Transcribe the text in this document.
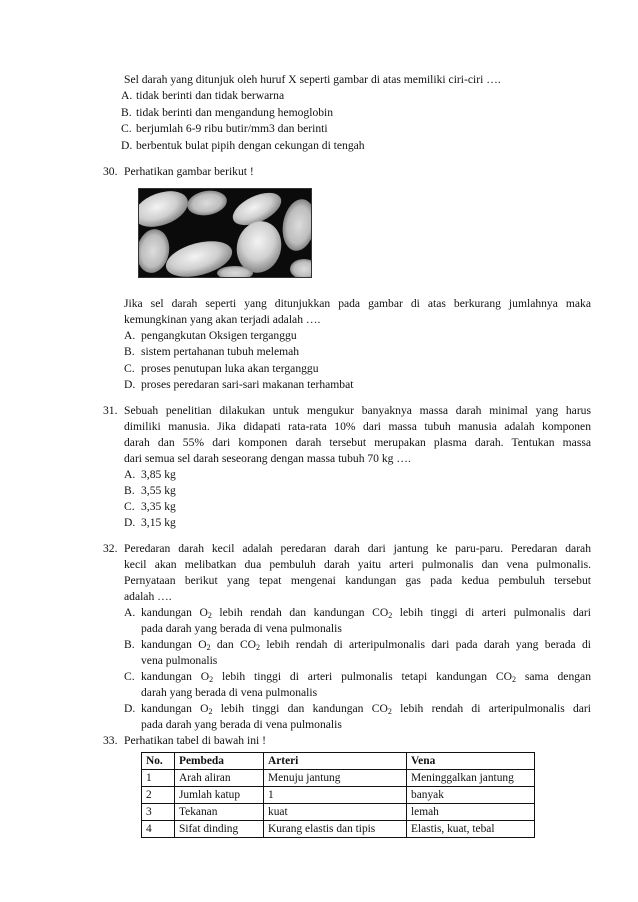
Sel darah yang ditunjuk oleh huruf X seperti gambar di atas memiliki ciri-ciri ….
A. tidak berinti dan tidak berwarna
B. tidak berinti dan mengandung hemoglobin
C. berjumlah 6-9 ribu butir/mm3 dan berinti
D. berbentuk bulat pipih dengan cekungan di tengah
30. Perhatikan gambar berikut !
Jika sel darah seperti yang ditunjukkan pada gambar di atas berkurang jumlahnya maka
kemungkinan yang akan terjadi adalah ….
A. pengangkutan Oksigen terganggu
B. sistem pertahanan tubuh melemah
C. proses penutupan luka akan terganggu
D. proses peredaran sari-sari makanan terhambat
31. Sebuah penelitian dilakukan untuk mengukur banyaknya massa darah minimal yang harus
dimiliki manusia. Jika didapati rata-rata 10% dari massa tubuh manusia adalah komponen
darah dan 55% dari komponen darah tersebut merupakan plasma darah. Tentukan massa
dari semua sel darah seseorang dengan massa tubuh 70 kg ….
A. 3,85 kg
B. 3,55 kg
C. 3,35 kg
D. 3,15 kg
32. Peredaran darah kecil adalah peredaran darah dari jantung ke paru-paru. Peredaran darah
kecil akan melibatkan dua pembuluh darah yaitu arteri pulmonalis dan vena pulmonalis.
Pernyataan berikut yang tepat mengenai kandungan gas pada kedua pembuluh tersebut
adalah ….
A. kandungan $O_2$ lebih rendah dan kandungan $CO_2$ lebih tinggi di arteri pulmonalis dari
pada darah yang berada di vena pulmonalis
B. kandungan $O_2$ dan $CO_2$ lebih rendah di arteripulmonalis dari pada darah yang berada di
vena pulmonalis
C. kandungan $O_2$ lebih tinggi di arteri pulmonalis tetapi kandungan $CO_2$ sama dengan
darah yang berada di vena pulmonalis
D. kandungan $O_2$ lebih tinggi dan kandungan $CO_2$ lebih rendah di arteripulmonalis dari
pada darah yang berada di vena pulmonalis
33. Perhatikan tabel di bawah ini !
No.	Pembeda	Arteri	Vena
1	Arah aliran	Menuju jantung	Meninggalkan jantung
2	Jumlah katup	1	banyak
3	Tekanan	kuat	lemah
4	Sifat dinding	Kurang elastis dan tipis	Elastis, kuat, tebal
